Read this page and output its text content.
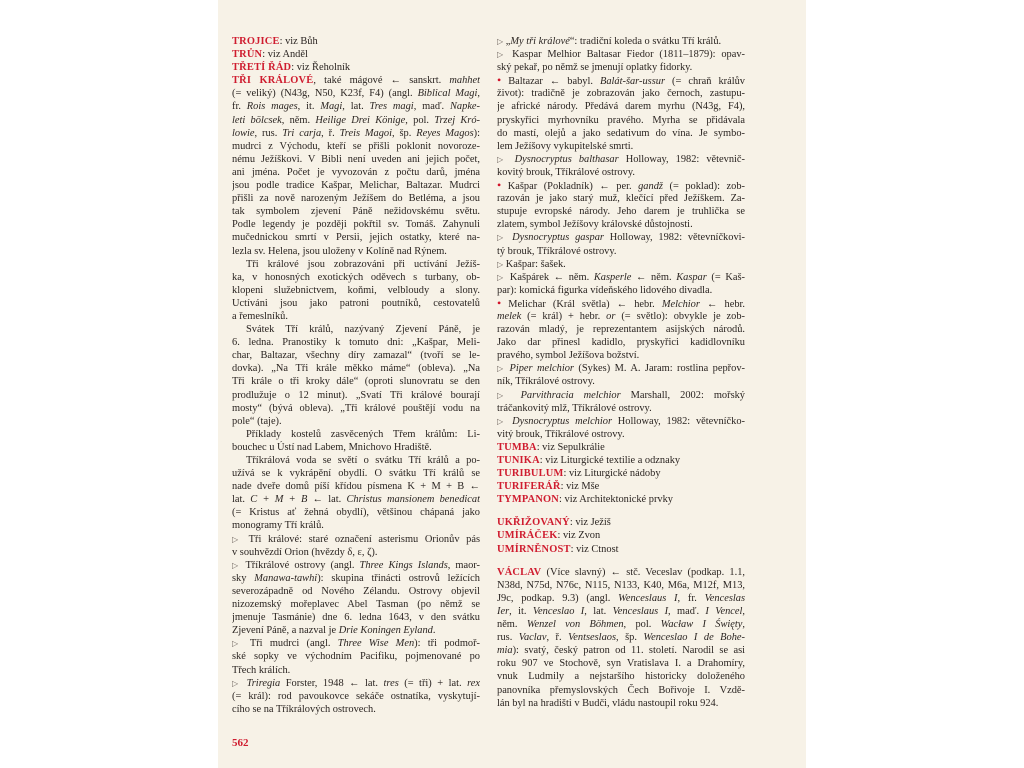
TROJICE: viz Bůh
TRŮN: viz Anděl
TŘETÍ ŘÁD: viz Řeholník
TŘI KRÁLOVÉ, také mágové ← sanskrt. mahhet
(= veliký) (N43g, N50, K23f, F4) (angl. Biblical Magi,
fr. Rois mages, it. Magi, lat. Tres magi, maď. Napke-
leti bölcsek, něm. Heilige Drei Könige, pol. Trzej Kró-
lowie, rus. Tri carja, ř. Treis Magoi, šp. Reyes Magos):
mudrci z Východu, kteří se přišli poklonit novoroze-
nému Ježíškovi. V Bibli není uveden ani jejich počet,
ani jména. Počet je vyvozován z počtu darů, jména
jsou podle tradice Kašpar, Melichar, Baltazar. Mudrci
přišli za nově narozeným Ježíšem do Betléma, a jsou
tak symbolem zjevení Páně nežidovskému světu.
Podle legendy je později pokřtil sv. Tomáš. Zahynuli
mučednickou smrtí v Persii, jejich ostatky, které na-
lezla sv. Helena, jsou uloženy v Kolíně nad Rýnem.
Tři králové jsou zobrazováni při uctívání Ježíš-
ka, v honosných exotických oděvech s turbany, ob-
klopeni služebnictvem, koňmi, velbloudy a slony.
Uctíváni jsou jako patroni poutníků, cestovatelů
a řemeslníků.
Svátek Tří králů, nazývaný Zjevení Páně, je
6. ledna. Pranostiky k tomuto dni: „Kašpar, Meli-
char, Baltazar, všechny díry zamazal“ (tvoří se le-
dovka). „Na Tři krále měkko máme“ (obleva). „Na
Tři krále o tři kroky dále“ (oproti slunovratu se den
prodlužuje o 12 minut). „Svatí Tři králové bourají
mosty“ (bývá obleva). „Tři králové pouštějí vodu na
pole“ (taje).
Příklady kostelů zasvěcených Třem králům: Li-
bouchec u Ústí nad Labem, Mnichovo Hradiště.
Tříkrálová voda se světí o svátku Tří králů a po-
užívá se k vykrápění obydlí. O svátku Tří králů se
nade dveře domů píší křídou písmena K + M + B ←
lat. C + M + B ← lat. Christus mansionem benedicat
(= Kristus ať žehná obydlí), většinou chápaná jako
monogramy Tří králů.
▷ Tři králové: staré označení asterismu Orionův pás
v souhvězdí Orion (hvězdy δ, ε, ζ).
▷ Tříkrálové ostrovy (angl. Three Kings Islands, maor-
sky Manawa-tawhi): skupina třinácti ostrovů ležících
severozápadně od Nového Zélandu. Ostrovy objevil
nizozemský mořeplavec Abel Tasman (po němž se
jmenuje Tasmánie) dne 6. ledna 1643, v den svátku
Zjevení Páně, a nazval je Drie Koningen Eyland.
▷ Tři mudrci (angl. Three Wise Men): tři podmoř-
ské sopky ve východním Pacifiku, pojmenované po
Třech králích.
▷ Triregia Forster, 1948 ← lat. tres (= tři) + lat. rex
(= král): rod pavoukovce sekáče ostnatíka, vyskytují-
cího se na Tříkrálových ostrovech.
▷ „My tři králové“: tradiční koleda o svátku Tří králů.
▷ Kaspar Melhior Baltasar Fiedor (1811–1879): opav-
ský pekař, po němž se jmenují oplatky fidorky.
• Baltazar ← babyl. Balát-šar-ussur (= chraň králův
život): tradičně je zobrazován jako černoch, zastupu-
je africké národy. Předává darem myrhu (N43g, F4),
pryskyřici myrhovníku pravého. Myrha se přidávala
do mastí, olejů a jako sedativum do vína. Je symbo-
lem Ježíšovy vykupitelské smrti.
▷ Dysnocryptus balthasar Holloway, 1982: větevnič-
kovitý brouk, Tříkrálové ostrovy.
• Kašpar (Pokladník) ← per. gandž (= poklad): zob-
razován je jako starý muž, klečící před Ježíškem. Za-
stupuje evropské národy. Jeho darem je truhlička se
zlatem, symbol Ježíšovy královské důstojnosti.
▷ Dysnocryptus gaspar Holloway, 1982: větevníčkovi-
tý brouk, Tříkrálové ostrovy.
▷ Kašpar: šašek.
▷ Kašpárek ← něm. Kasperle ← něm. Kaspar (= Kaš-
par): komická figurka vídeňského lidového divadla.
• Melichar (Král světla) ← hebr. Melchior ← hebr.
melek (= král) + hebr. or (= světlo): obvykle je zob-
razován mladý, je reprezentantem asijských národů.
Jako dar přinesl kadidlo, pryskyřici kadidlovníku
pravého, symbol Ježíšova božství.
▷ Piper melchior (Sykes) M. A. Jaram: rostlina pepřov-
ník, Tříkrálové ostrovy.
▷ Parvithracia melchior Marshall, 2002: mořský
tráčankovitý mlž, Tříkrálové ostrovy.
▷ Dysnocryptus melchior Holloway, 1982: větevníčko-
vitý brouk, Tříkrálové ostrovy.
TUMBA: viz Sepulkrálie
TUNIKA: viz Liturgické textilie a odznaky
TURIBULUM: viz Liturgické nádoby
TURIFERÁŘ: viz Mše
TYMPANON: viz Architektonické prvky
UKŘIŽOVANÝ: viz Ježíš
UMÍRÁČEK: viz Zvon
UMÍRNĚNOST: viz Ctnost
VÁCLAV (Více slavný) ← stč. Veceslav (podkap. 1.1,
N38d, N75d, N76c, N115, N133, K40, M6a, M12f, M13,
J9c, podkap. 9.3) (angl. Wenceslaus I, fr. Venceslas
Ier, it. Venceslao I, lat. Venceslaus I, maď. I Vencel,
něm. Wenzel von Böhmen, pol. Wacław I Święty,
rus. Vaclav, ř. Ventseslaos, šp. Wenceslao I de Bohe-
mia): svatý, český patron od 11. století. Narodil se asi
roku 907 ve Stochově, syn Vratislava I. a Drahomíry,
vnuk Ludmily a nejstaršího historicky doloženého
panovníka přemyslovských Čech Bořivoje I. Vzdě-
lán byl na hradišti v Budči, vládu nastoupil roku 924.
562
